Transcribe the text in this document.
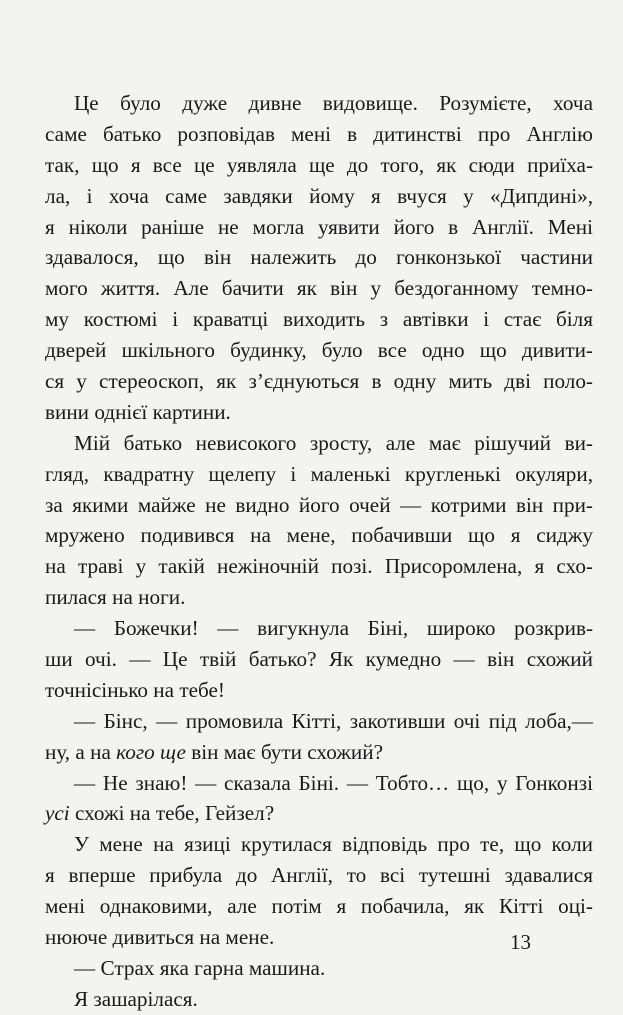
Це було дуже дивне видовище. Розумієте, хоча
саме батько розповідав мені в дитинстві про Англію
так, що я все це уявляла ще до того, як сюди приїха-
ла, і хоча саме завдяки йому я вчуся у «Дипдині»,
я ніколи раніше не могла уявити його в Англії. Мені
здавалося, що він належить до гонконзької частини
мого життя. Але бачити як він у бездоганному темно-
му костюмі і краватці виходить з автівки і стає біля
дверей шкільного будинку, було все одно що дивити-
ся у стереоскоп, як з’єднуються в одну мить дві поло-
вини однієї картини.
Мій батько невисокого зросту, але має рішучий ви-
гляд, квадратну щелепу і маленькі кругленькі окуляри,
за якими майже не видно його очей — котрими він при-
мружено подивився на мене, побачивши що я сиджу
на траві у такій нежіночній позі. Присоромлена, я схо-
пилася на ноги.
— Божечки! — вигукнула Біні, широко розкрив-
ши очі. — Це твій батько? Як кумедно — він схожий
точнісінько на тебе!
— Бінс, — промовила Кітті, закотивши очі під лоба,—
ну, а на кого ще він має бути схожий?
— Не знаю! — сказала Біні. — Тобто… що, у Гонконзі
усі схожі на тебе, Гейзел?
У мене на язиці крутилася відповідь про те, що коли
я вперше прибула до Англії, то всі тутешні здавалися
мені однаковими, але потім я побачила, як Кітті оці-
нююче дивиться на мене.
— Страх яка гарна машина.
Я зашарілася.
13
